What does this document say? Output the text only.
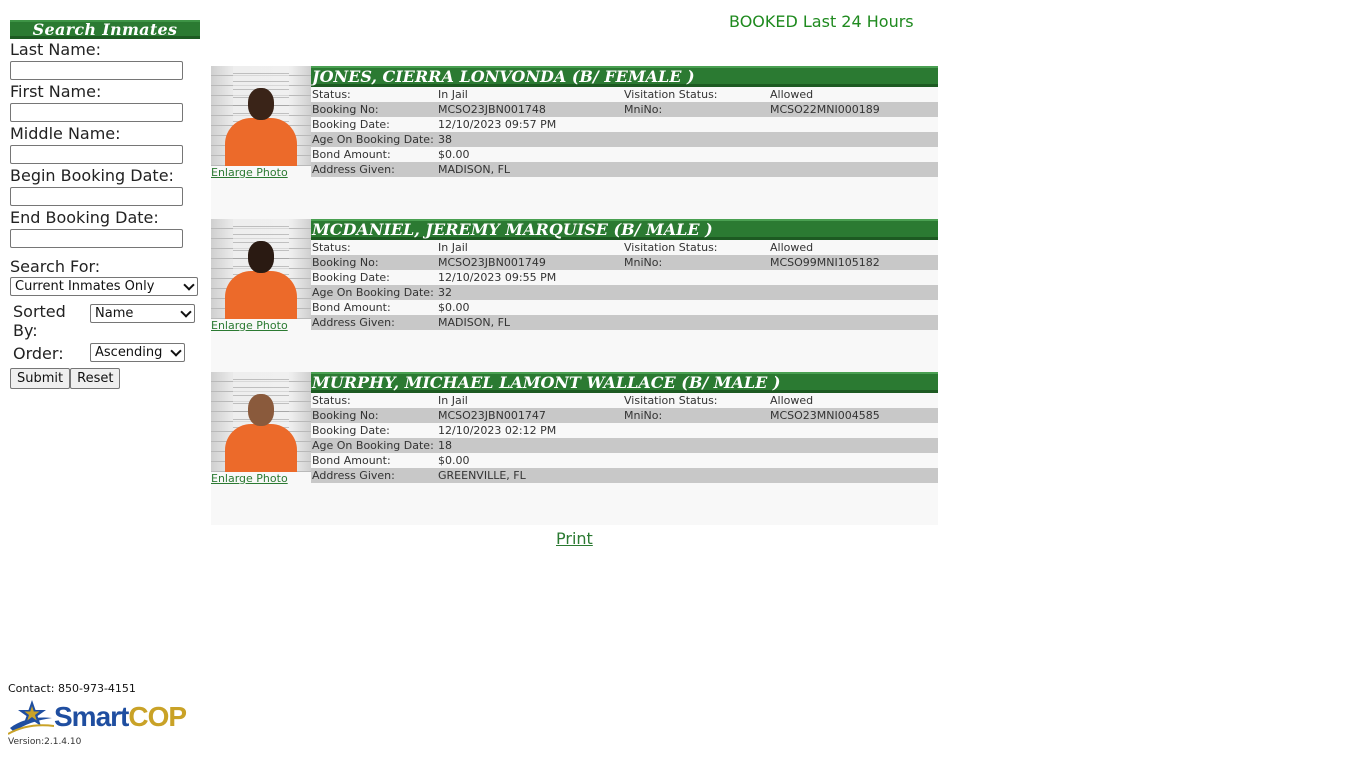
Search Inmates
Last Name:
First Name:
Middle Name:
Begin Booking Date:
End Booking Date:
Search For:
Current Inmates Only
Sorted By:
Name
Order:	Ascending
Submit	Reset
BOOKED Last 24 Hours
Enlarge Photo
JONES, CIERRA LONVONDA (B/ FEMALE )
Status:	In Jail	Visitation Status:	Allowed
Booking No:	MCSO23JBN001748	MniNo:	MCSO22MNI000189
Booking Date:	12/10/2023 09:57 PM
Age On Booking Date: 38
Bond Amount:	$0.00
Address Given:	MADISON, FL
Enlarge Photo
MCDANIEL, JEREMY MARQUISE (B/ MALE )
Status:	In Jail	Visitation Status:	Allowed
Booking No:	MCSO23JBN001749	MniNo:	MCSO99MNI105182
Booking Date:	12/10/2023 09:55 PM
Age On Booking Date: 32
Bond Amount:	$0.00
Address Given:	MADISON, FL
Enlarge Photo
MURPHY, MICHAEL LAMONT WALLACE (B/ MALE )
Status:	In Jail	Visitation Status:	Allowed
Booking No:	MCSO23JBN001747	MniNo:	MCSO23MNI004585
Booking Date:	12/10/2023 02:12 PM
Age On Booking Date: 18
Bond Amount:	$0.00
Address Given:	GREENVILLE, FL
Print
Contact: 850-973-4151
Smart COP
Version:2.1.4.10
